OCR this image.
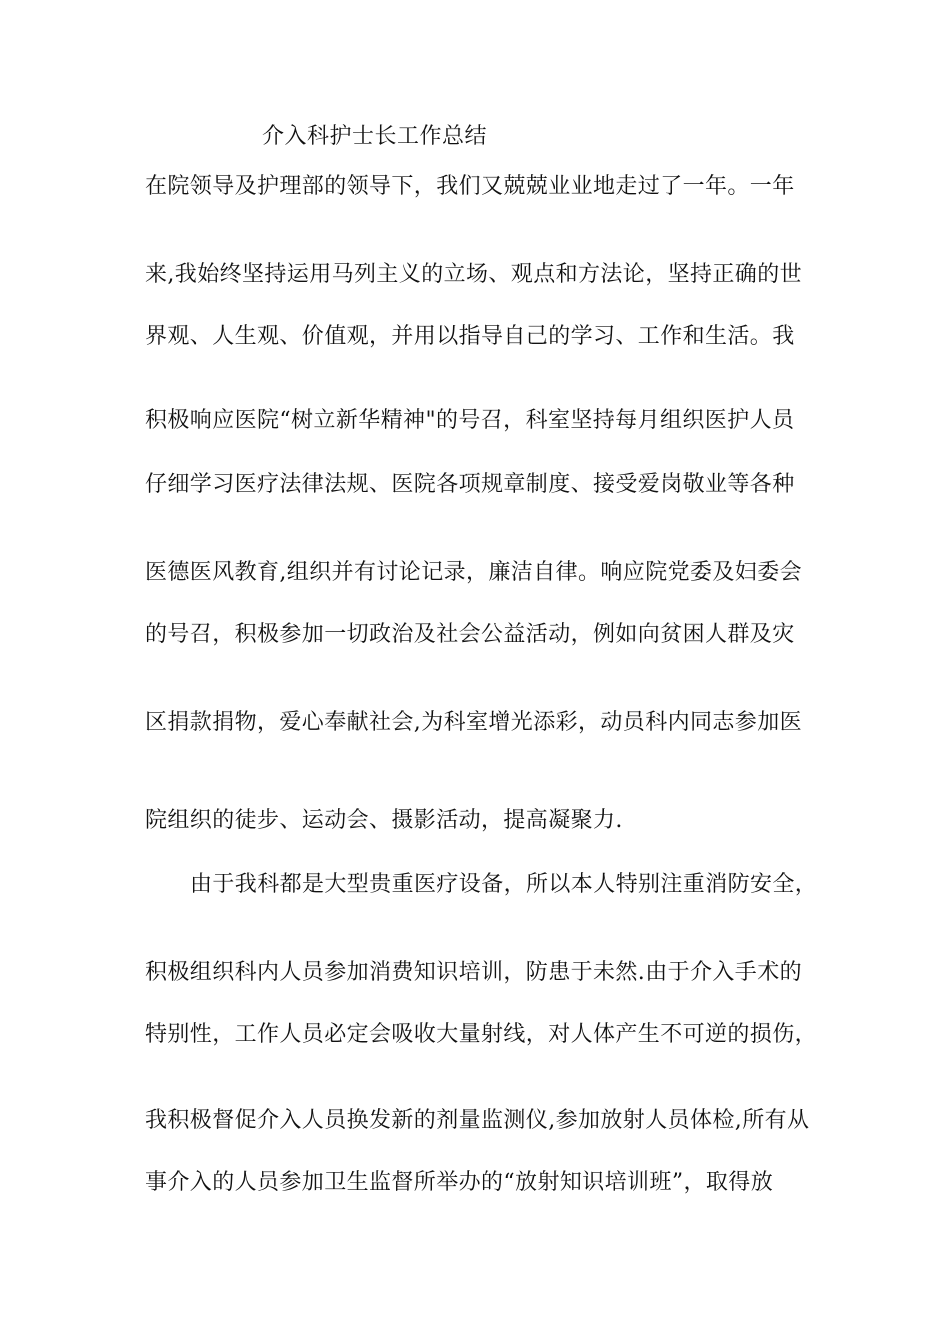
介入科护士长工作总结
在院领导及护理部的领导下，我们又兢兢业业地走过了一年。一年
来,我始终坚持运用马列主义的立场、观点和方法论，坚持正确的世
界观、人生观、价值观，并用以指导自己的学习、工作和生活。我
积极响应医院“树立新华精神"的号召，科室坚持每月组织医护人员
仔细学习医疗法律法规、医院各项规章制度、接受爱岗敬业等各种
医德医风教育,组织并有讨论记录，廉洁自律。响应院党委及妇委会
的号召，积极参加一切政治及社会公益活动，例如向贫困人群及灾
区捐款捐物，爱心奉献社会,为科室增光添彩，动员科内同志参加医
院组织的徒步、运动会、摄影活动，提高凝聚力.
由于我科都是大型贵重医疗设备，所以本人特别注重消防安全，
积极组织科内人员参加消费知识培训，防患于未然.由于介入手术的
特别性，工作人员必定会吸收大量射线，对人体产生不可逆的损伤，
我积极督促介入人员换发新的剂量监测仪,参加放射人员体检,所有从
事介入的人员参加卫生监督所举办的“放射知识培训班”，取得放
